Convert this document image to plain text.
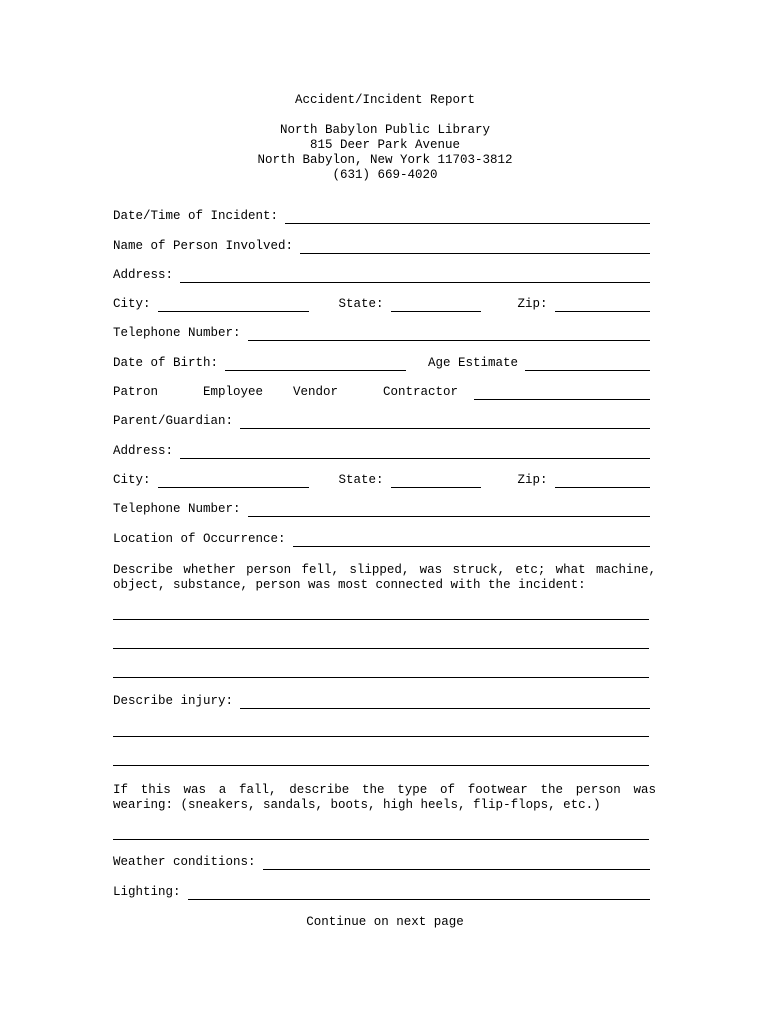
Accident/Incident Report
North Babylon Public Library
815 Deer Park Avenue
North Babylon, New York 11703-3812
(631) 669-4020
Date/Time of Incident:
Name of Person Involved:
Address:
City:	State:	Zip:
Telephone Number:
Date of Birth:	Age Estimate
Patron	Employee Vendor	Contractor
Parent/Guardian:
Address:
City:	State:	Zip:
Telephone Number:
Location of Occurrence:
Describe whether person fell, slipped, was struck, etc; what machine, object, substance, person was most connected with the incident:
Describe injury:
If this was a fall, describe the type of footwear the person was wearing: (sneakers, sandals, boots, high heels, flip-flops, etc.)
Weather conditions:
Lighting:
Continue on next page
